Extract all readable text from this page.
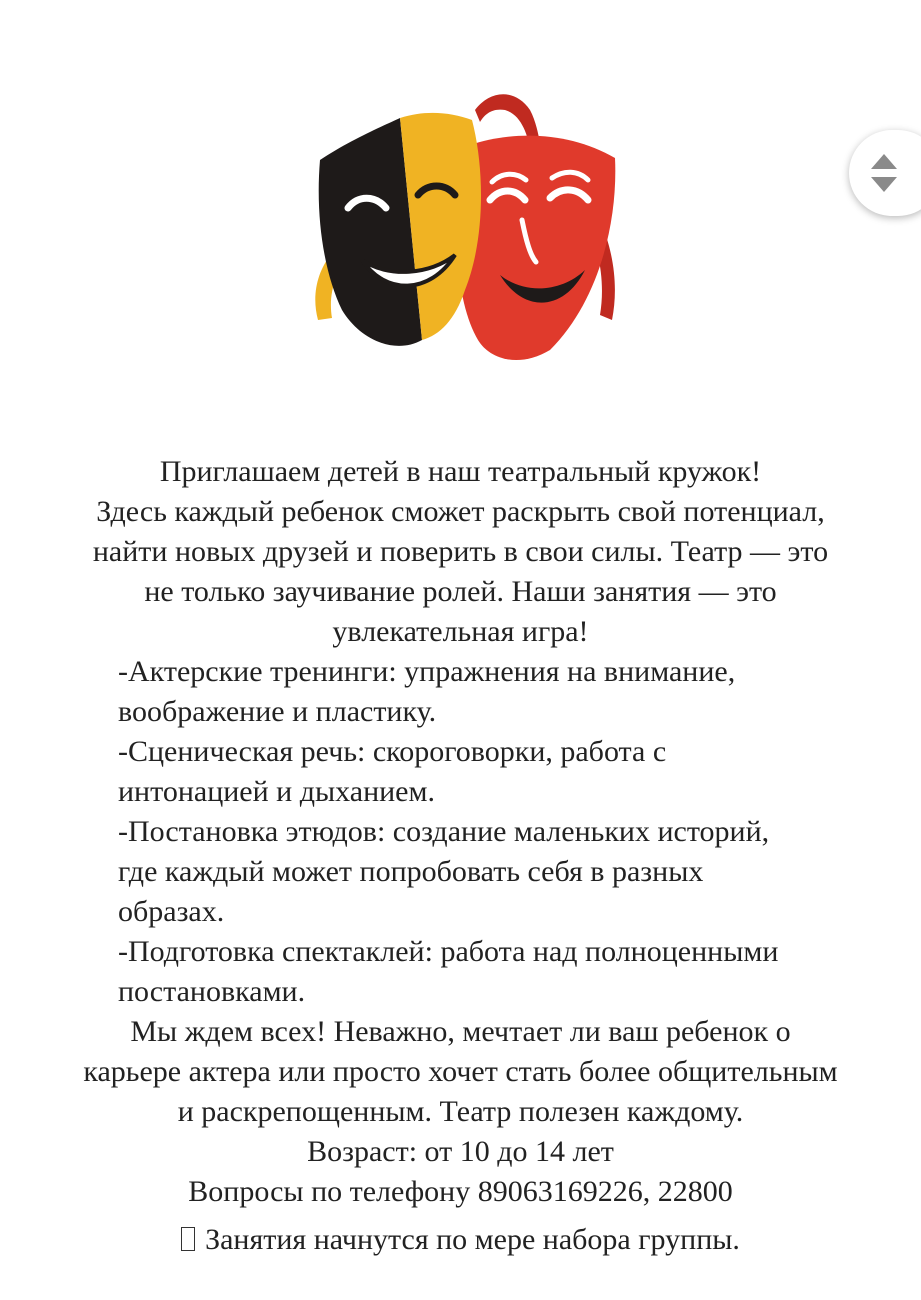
Приглашаем детей в наш театральный кружок!
Здесь каждый ребенок сможет раскрыть свой потенциал,
найти новых друзей и поверить в свои силы. Театр — это
не только заучивание ролей. Наши занятия — это
увлекательная игра!

-Актерские тренинги: упражнения на внимание,
воображение и пластику.
-Сценическая речь: скороговорки, работа с
интонацией и дыханием.
-Постановка этюдов: создание маленьких историй,
где каждый может попробовать себя в разных
образах.
-Подготовка спектаклей: работа над полноценными
постановками.

Мы ждем всех! Неважно, мечтает ли ваш ребенок о
карьере актера или просто хочет стать более общительным
и раскрепощенным. Театр полезен каждому.

Возраст: от 10 до 14 лет

Вопросы по телефону 89063169226, 22800

Занятия начнутся по мере набора группы.
